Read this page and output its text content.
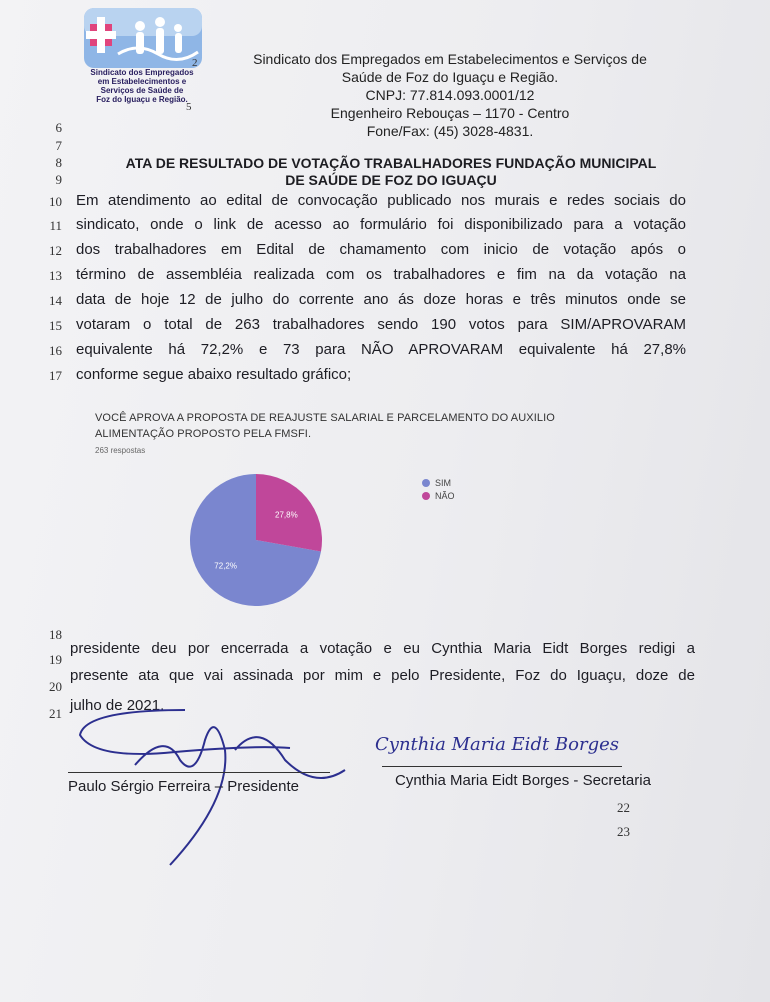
2
5
Sindicato dos Empregados
em Estabelecimentos e
Serviços de Saúde de
Foz do Iguaçu e Região.
Sindicato dos Empregados em Estabelecimentos e Serviços de
Saúde de Foz do Iguaçu e Região.
CNPJ: 77.814.093.0001/12
Engenheiro Rebouças – 1170 - Centro
Fone/Fax: (45) 3028-4831.
6
7
8
9
ATA DE RESULTADO DE VOTAÇÃO TRABALHADORES FUNDAÇÃO MUNICIPAL
DE SAÚDE DE FOZ DO IGUAÇU
10
11
12
13
14
15
16
17
Em atendimento ao edital de convocação publicado nos murais e redes sociais do
sindicato, onde o link de acesso ao formulário foi disponibilizado para a votação
dos trabalhadores em Edital de chamamento com inicio de votação após o
término de assembléia realizada com os trabalhadores e fim na da votação na
data de hoje 12 de julho do corrente ano ás doze horas e três minutos onde se
votaram o total de 263 trabalhadores sendo 190 votos para SIM/APROVARAM
equivalente há 72,2% e 73 para NÃO APROVARAM equivalente há 27,8%
conforme segue abaixo resultado gráfico;
VOCÊ APROVA A PROPOSTA DE REAJUSTE SALARIAL E PARCELAMENTO DO AUXILIO ALIMENTAÇÃO PROPOSTO PELA FMSFI.
263 respostas
72,2%
27,8%
SIM
NÃO
18
19
20
21
presidente deu por encerrada a votação e eu Cynthia Maria Eidt Borges redigi a
presente ata que vai assinada por mim e pelo Presidente, Foz do Iguaçu, doze de
julho de 2021.
Paulo Sérgio Ferreira – Presidente
Cynthia Maria Eidt Borges
Cynthia Maria Eidt Borges - Secretaria
22
23
